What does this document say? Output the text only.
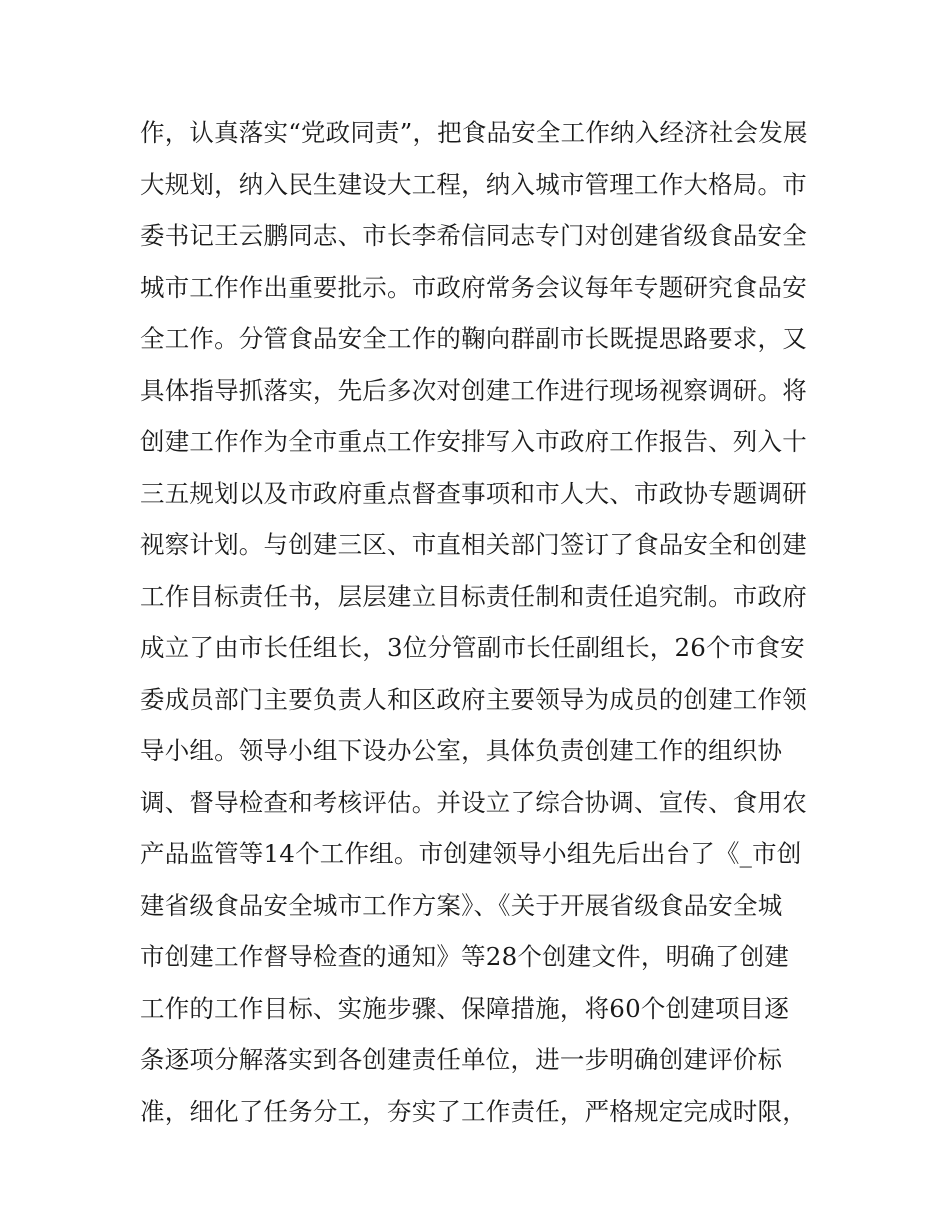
作，认真落实“党政同责”，把食品安全工作纳入经济社会发展
大规划，纳入民生建设大工程，纳入城市管理工作大格局。市
委书记王云鹏同志、市长李希信同志专门对创建省级食品安全
城市工作作出重要批示。市政府常务会议每年专题研究食品安
全工作。分管食品安全工作的鞠向群副市长既提思路要求，又
具体指导抓落实，先后多次对创建工作进行现场视察调研。将
创建工作作为全市重点工作安排写入市政府工作报告、列入十
三五规划以及市政府重点督查事项和市人大、市政协专题调研
视察计划。与创建三区、市直相关部门签订了食品安全和创建
工作目标责任书，层层建立目标责任制和责任追究制。市政府
成立了由市长任组长，3位分管副市长任副组长，26个市食安
委成员部门主要负责人和区政府主要领导为成员的创建工作领
导小组。领导小组下设办公室，具体负责创建工作的组织协
调、督导检查和考核评估。并设立了综合协调、宣传、食用农
产品监管等14个工作组。市创建领导小组先后出台了《_市创
建省级食品安全城市工作方案》、《关于开展省级食品安全城
市创建工作督导检查的通知》等28个创建文件，明确了创建
工作的工作目标、实施步骤、保障措施，将60个创建项目逐
条逐项分解落实到各创建责任单位，进一步明确创建评价标
准，细化了任务分工，夯实了工作责任，严格规定完成时限，
